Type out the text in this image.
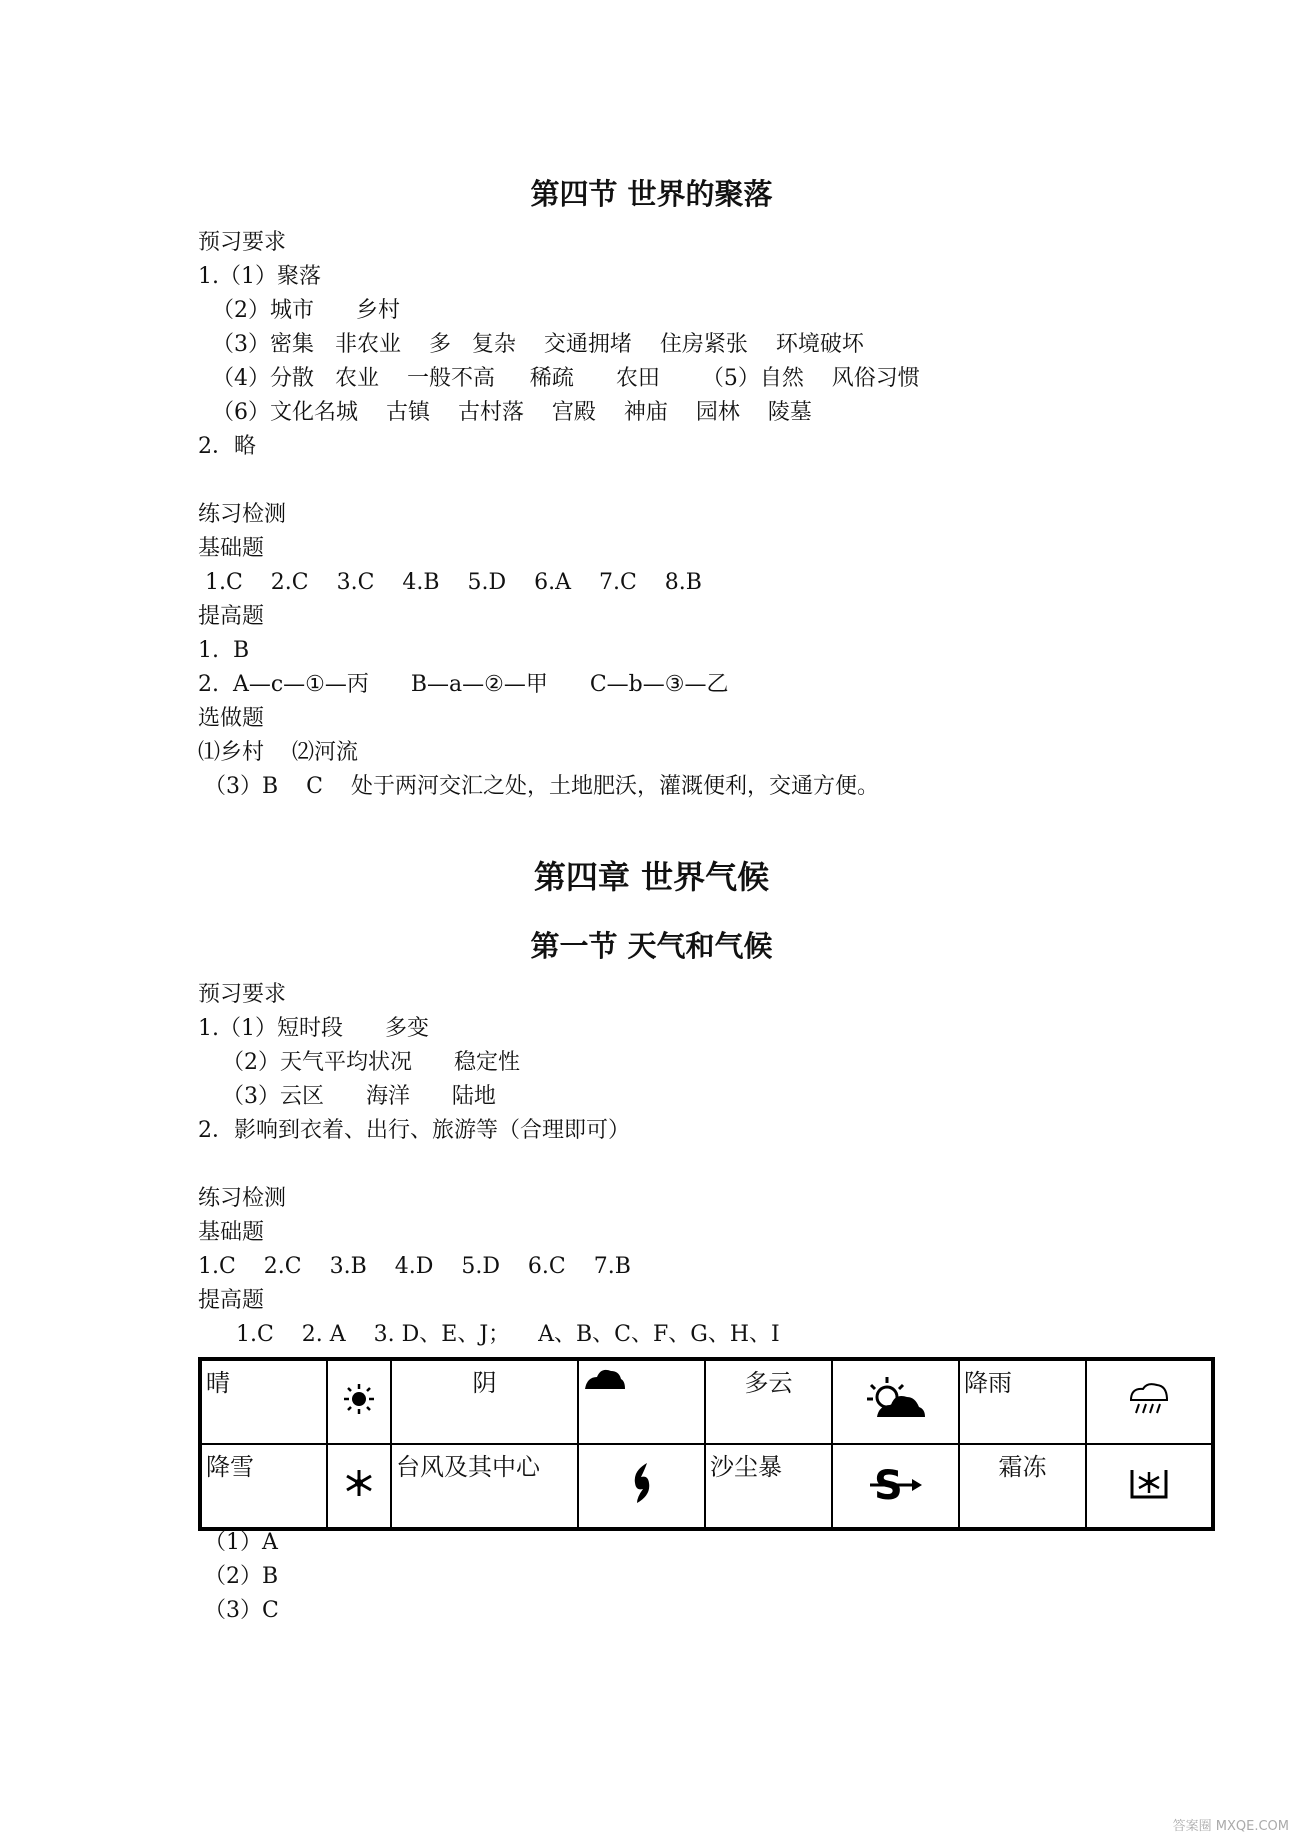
第四节 世界的聚落
预习要求
1.（1）聚落
（2）城市      乡村
（3）密集   非农业    多   复杂    交通拥堵    住房紧张    环境破坏
（4）分散   农业    一般不高     稀疏      农田      （5）自然    风俗习惯
（6）文化名城    古镇    古村落    宫殿    神庙    园林    陵墓
2．略
练习检测
基础题
1.C    2.C    3.C    4.B    5.D    6.A    7.C    8.B
提高题
1.  B
2.  A—c—①—丙      B—a—②—甲      C—b—③—乙
选做题
⑴乡村    ⑵河流
（3）B    C    处于两河交汇之处，土地肥沃，灌溉便利，交通方便。
第四章 世界气候
第一节 天气和气候
预习要求
1.（1）短时段      多变
（2）天气平均状况      稳定性
（3）云区      海洋      陆地
2．影响到衣着、出行、旅游等（合理即可）
练习检测
基础题
1.C    2.C    3.B    4.D    5.D    6.C    7.B
提高题
1.C    2. A    3. D、E、J；    A、B、C、F、G、H、I
晴		阴		多云		降雨	
降雪		台风及其中心		沙尘暴	S	霜冻	
（1）A
（2）B
（3）C
答案圈 MXQE.COM
